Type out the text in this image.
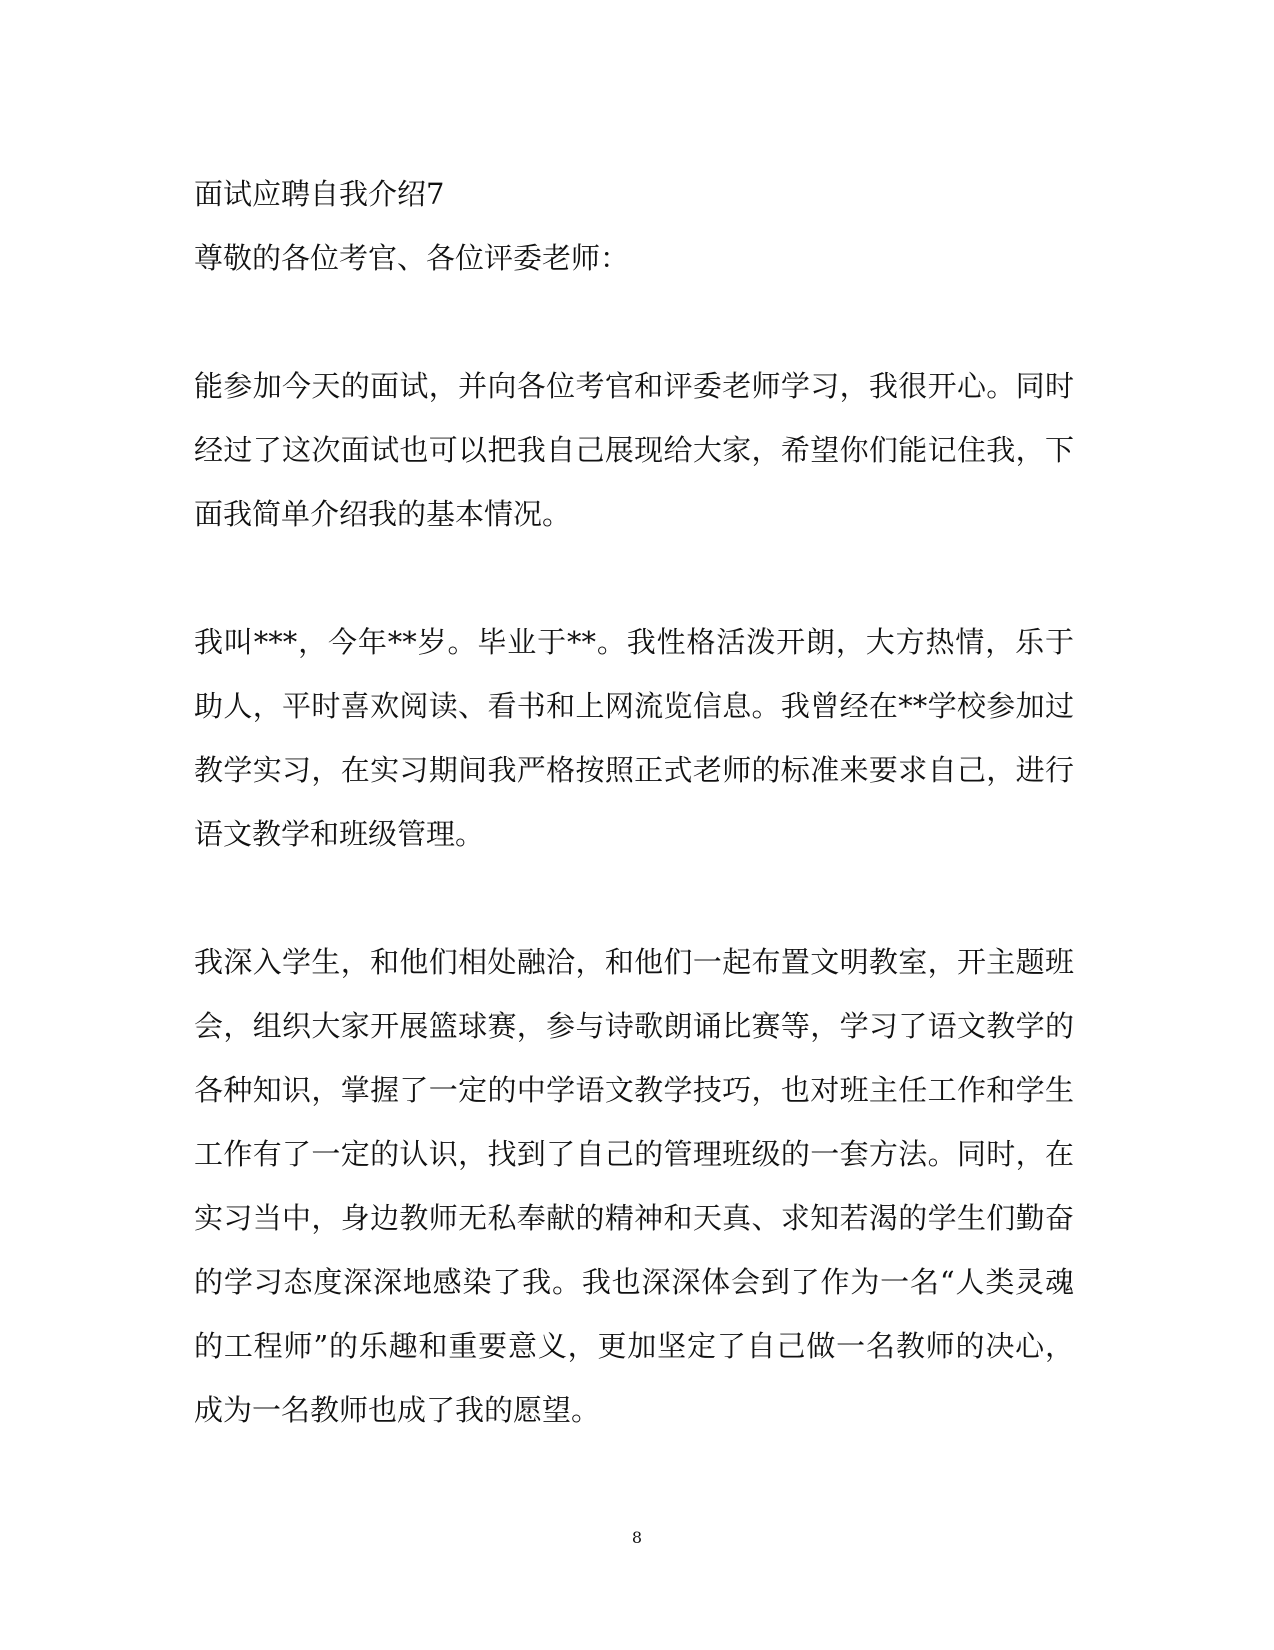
面试应聘自我介绍7
尊敬的各位考官、各位评委老师：

能参加今天的面试，并向各位考官和评委老师学习，我很开心。同时经过了这次面试也可以把我自己展现给大家，希望你们能记住我，下面我简单介绍我的基本情况。

我叫***，今年**岁。毕业于**。我性格活泼开朗，大方热情，乐于助人，平时喜欢阅读、看书和上网流览信息。我曾经在**学校参加过教学实习，在实习期间我严格按照正式老师的标准来要求自己，进行语文教学和班级管理。

我深入学生，和他们相处融洽，和他们一起布置文明教室，开主题班会，组织大家开展篮球赛，参与诗歌朗诵比赛等，学习了语文教学的各种知识，掌握了一定的中学语文教学技巧，也对班主任工作和学生工作有了一定的认识，找到了自己的管理班级的一套方法。同时，在实习当中，身边教师无私奉献的精神和天真、求知若渴的学生们勤奋的学习态度深深地感染了我。我也深深体会到了作为一名“人类灵魂的工程师”的乐趣和重要意义，更加坚定了自己做一名教师的决心，成为一名教师也成了我的愿望。

8
